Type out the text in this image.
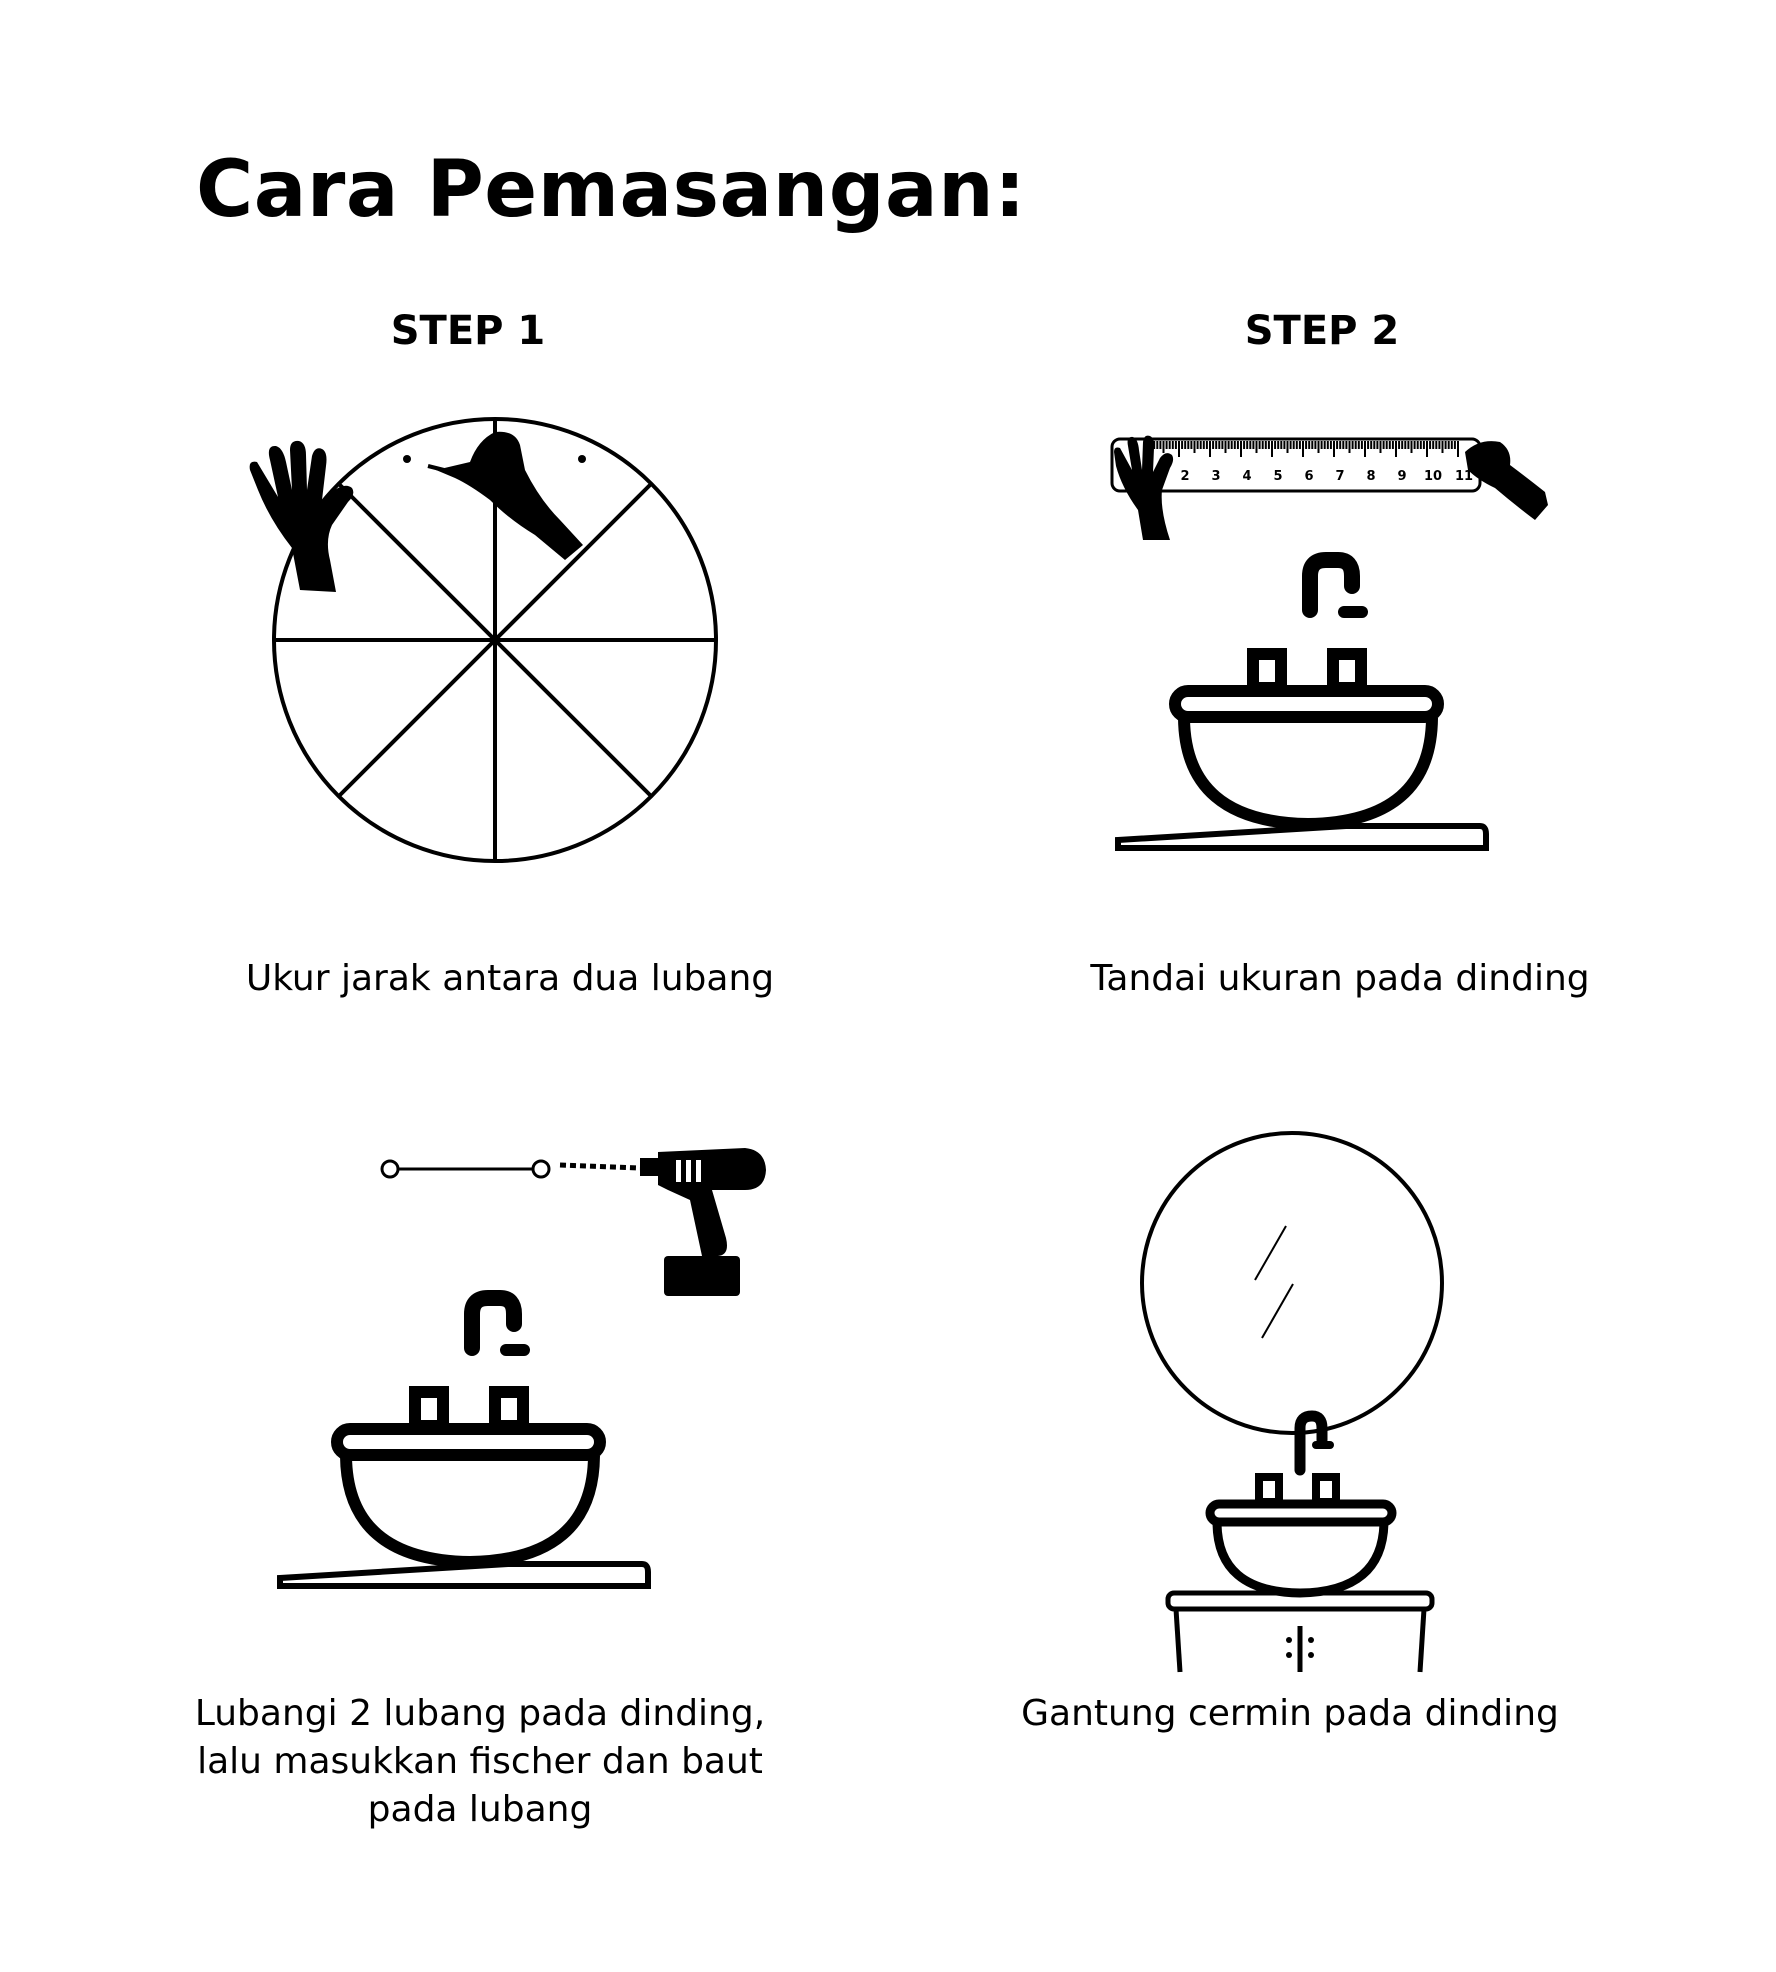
Cara Pemasangan:
STEP 1	STEP 2
Ukur jarak antara dua lubang	Tandai ukuran pada dinding
Lubangi 2 lubang pada dinding, lalu masukkan fischer dan baut pada lubang
Gantung cermin pada dinding
2 3 4 5 6 7 8 9 10 11
